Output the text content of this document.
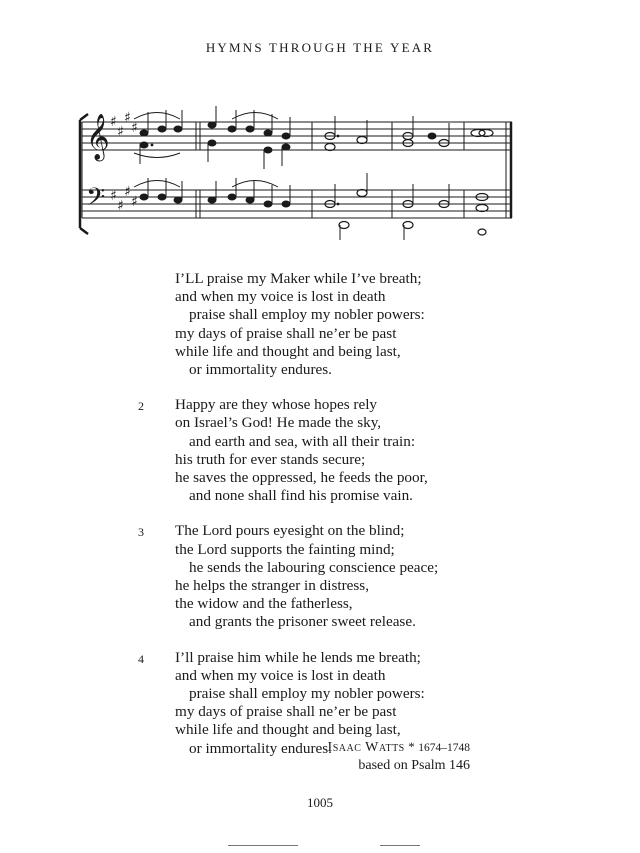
HYMNS THROUGH THE YEAR
𝄞
𝄢
♯
♯
♯
♯
♯
♯
♯
♯
I’LL praise my Maker while I’ve breath;
and when my voice is lost in death
praise shall employ my nobler powers:
my days of praise shall ne’er be past
while life and thought and being last,
or immortality endures.
2	Happy are they whose hopes rely
on Israel’s God! He made the sky,
and earth and sea, with all their train:
his truth for ever stands secure;
he saves the oppressed, he feeds the poor,
and none shall find his promise vain.
3	The Lord pours eyesight on the blind;
the Lord supports the fainting mind;
he sends the labouring conscience peace;
he helps the stranger in distress,
the widow and the fatherless,
and grants the prisoner sweet release.
4	I’ll praise him while he lends me breath;
and when my voice is lost in death
praise shall employ my nobler powers:
my days of praise shall ne’er be past
while life and thought and being last,
or immortality endures.
Isaac Watts * 1674–1748
based on Psalm 146
1005
